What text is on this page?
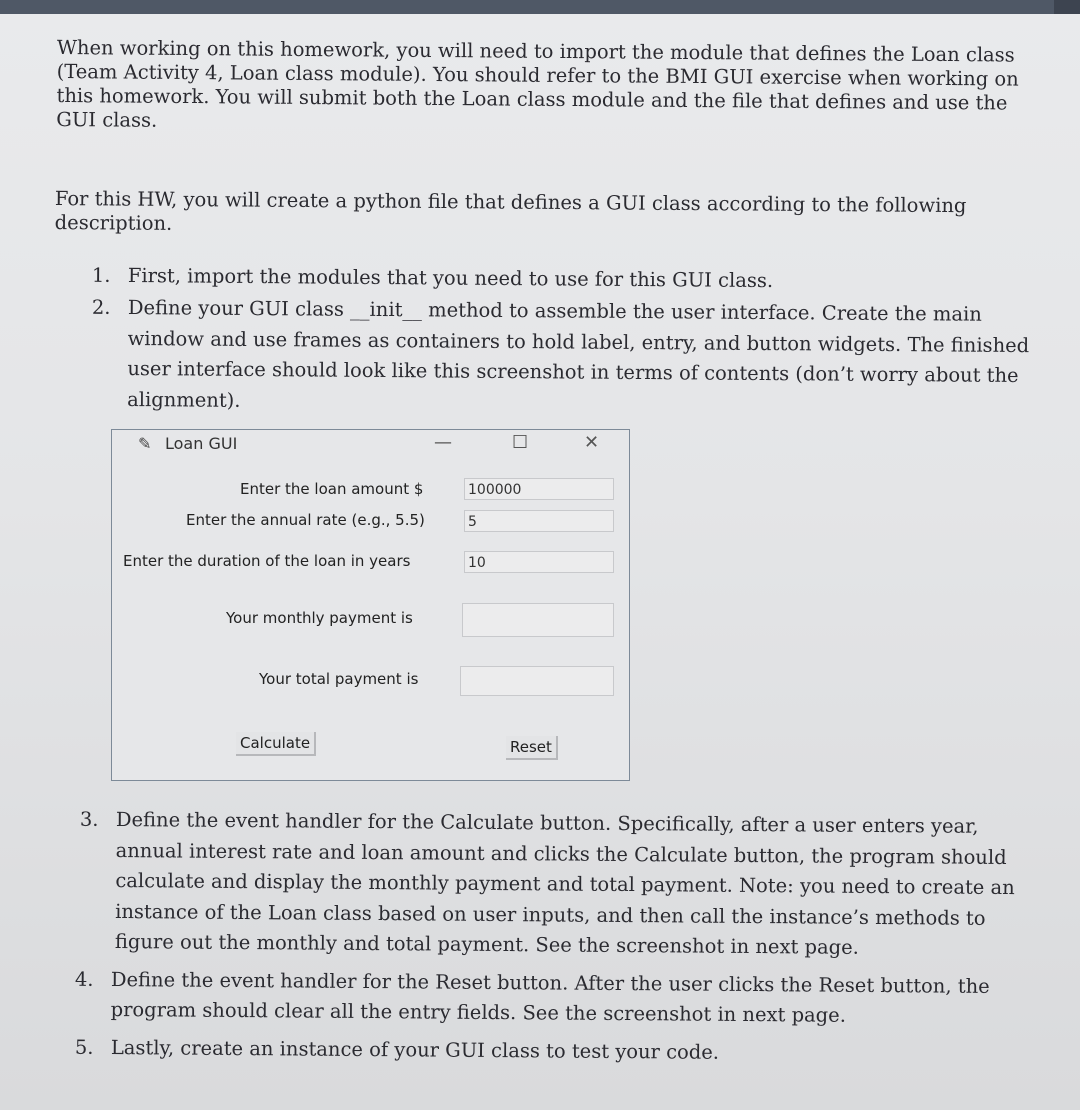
When working on this homework, you will need to import the module that defines the Loan class (Team Activity 4, Loan class module). You should refer to the BMI GUI exercise when working on this homework. You will submit both the Loan class module and the file that defines and use the GUI class.

For this HW, you will create a python file that defines a GUI class according to the following description.

1. First, import the modules that you need to use for this GUI class.
2. Define your GUI class __init__ method to assemble the user interface. Create the main window and use frames as containers to hold label, entry, and button widgets. The finished user interface should look like this screenshot in terms of contents (don’t worry about the alignment).
✎ Loan GUI	—	☐	✕
Enter the loan amount $	100000
Enter the annual rate (e.g., 5.5)	5
Enter the duration of the loan in years	10
Your monthly payment is
Your total payment is
Calculate	Reset
3. Define the event handler for the Calculate button. Specifically, after a user enters year, annual interest rate and loan amount and clicks the Calculate button, the program should calculate and display the monthly payment and total payment. Note: you need to create an instance of the Loan class based on user inputs, and then call the instance’s methods to figure out the monthly and total payment. See the screenshot in next page.
4. Define the event handler for the Reset button. After the user clicks the Reset button, the program should clear all the entry fields. See the screenshot in next page.
5. Lastly, create an instance of your GUI class to test your code.
